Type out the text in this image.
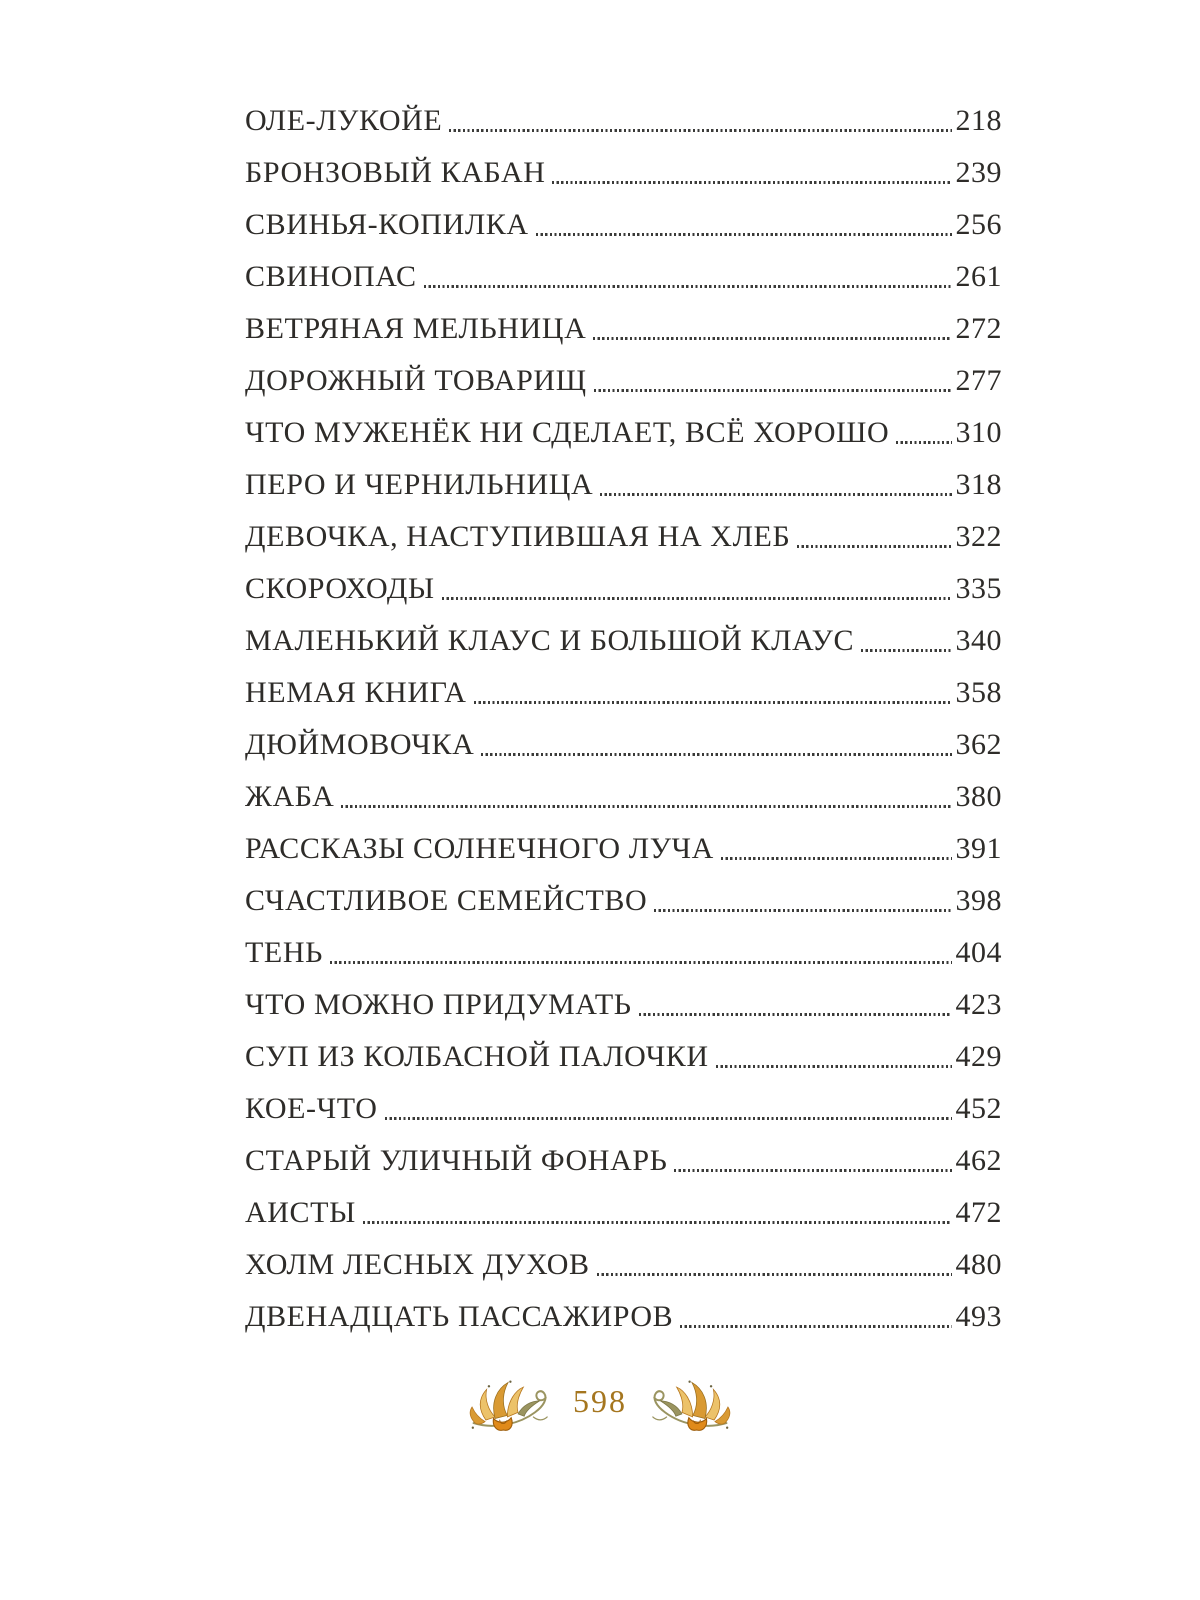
ОЛЕ-ЛУКОЙЕ	218
БРОНЗОВЫЙ КАБАН	239
СВИНЬЯ-КОПИЛКА	256
СВИНОПАС	261
ВЕТРЯНАЯ МЕЛЬНИЦА	272
ДОРОЖНЫЙ ТОВАРИЩ	277
ЧТО МУЖЕНЁК НИ СДЕЛАЕТ, ВСЁ ХОРОШО 310
ПЕРО И ЧЕРНИЛЬНИЦА	318
ДЕВОЧКА, НАСТУПИВШАЯ НА ХЛЕБ	322
СКОРОХОДЫ	335
МАЛЕНЬКИЙ КЛАУС И БОЛЬШОЙ КЛАУС	340
НЕМАЯ КНИГА	358
ДЮЙМОВОЧКА	362
ЖАБА	380
РАССКАЗЫ СОЛНЕЧНОГО ЛУЧА	391
СЧАСТЛИВОЕ СЕМЕЙСТВО	398
ТЕНЬ	404
ЧТО МОЖНО ПРИДУМАТЬ	423
СУП ИЗ КОЛБАСНОЙ ПАЛОЧКИ	429
КОЕ-ЧТО	452
СТАРЫЙ УЛИЧНЫЙ ФОНАРЬ	462
АИСТЫ	472
ХОЛМ ЛЕСНЫХ ДУХОВ	480
ДВЕНАДЦАТЬ ПАССАЖИРОВ	493
598
